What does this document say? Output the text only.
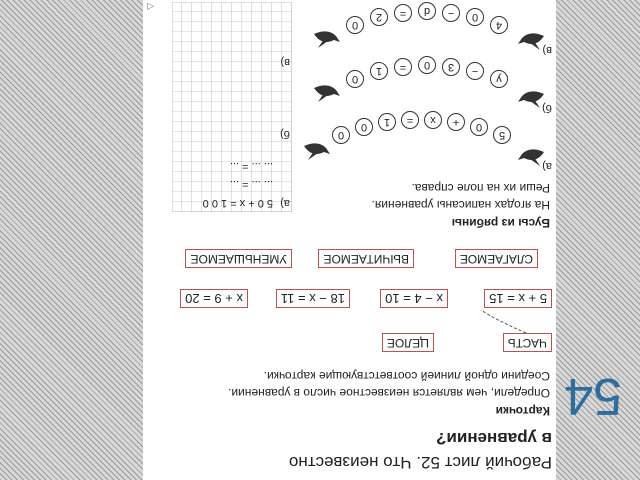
Рабочий лист 52. Что неизвестно
в уравнении?
Карточки
Определи, чем является неизвестное число в уравнении.
Соедини одной линией соответствующие карточки.
ЧАСТЬ
ЦЕЛОЕ
5 + x = 15
x − 4 = 10
18 − x = 11
x + 9 = 20
СЛАГАЕМОЕ
ВЫЧИТАЕМОЕ
УМЕНЬШАЕМОЕ
Бусы из рябины
На ягодах написаны уравнения.
Реши их на поле справа.
а)
5 0 + x = 1 0 0
... ... = ...
... ... = ...
б)
в)
а)
5
0
+
x
=
1
0
0
б)
y
−
3
0
=
1
0
в)
4
0
−
d
=
2
0
◁
54
